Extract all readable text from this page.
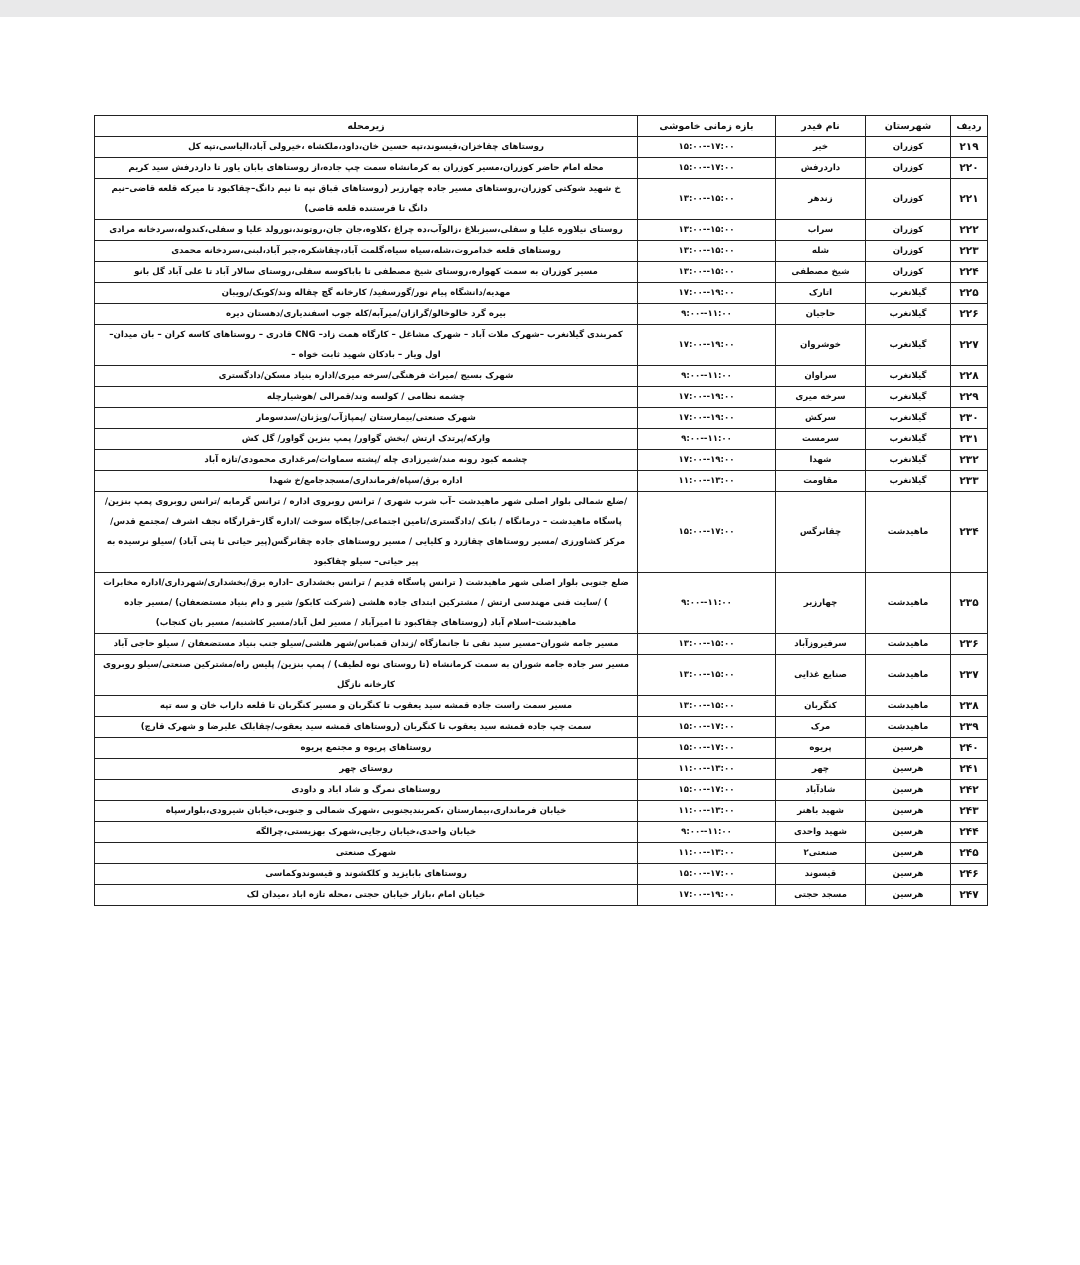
ردیف	شهرستان	نام فیدر	بازه زمانی خاموشی	زیرمحله
۲۱۹	کوزران	خیر	۱۷:۰۰--۱۵:۰۰	روستاهای چقاخزان،قیسوند،تپه حسین خان،داود،ملکشاه ،خیرولی آباد،الیاسی،تپه کل
۲۲۰	کوزران	داردرفش	۱۷:۰۰--۱۵:۰۰	محله امام حاضر کوزران،مسیر کوزران به کرمانشاه سمت چپ جاده،از روستاهای بابان یاور تا داردرفش سید کریم
۲۲۱	کوزران	زندهر	۱۵:۰۰--۱۳:۰۰	خ شهید شوکتی کوزران،روستاهای مسیر جاده چهارزبر (روستاهای قباق تپه تا نیم دانگ–چقاکبود تا میرکه قلعه قاضی–نیم دانگ تا فرستنده قلعه قاضی)
۲۲۲	کوزران	سراب	۱۵:۰۰--۱۳:۰۰	روستای نیلاوره علیا و سفلی،سبزبلاغ ،زالوآب،ده چراغ ،کلاوه،جان جان،روتوند،نورولد علیا و سفلی،کندوله،سردخانه مرادی
۲۲۳	کوزران	شله	۱۵:۰۰--۱۳:۰۰	روستاهای قلعه خدامروت،شله،سیاه سیاه،گلمت آباد،چقاشکره،جبر آباد،لبنی،سردخانه محمدی
۲۲۴	کوزران	شیخ مصطفی	۱۵:۰۰--۱۳:۰۰	مسیر کوزران به سمت کهواره،روستای شیخ مصطفی تا باباکوسه سفلی،روستای سالار آباد تا علی آباد گل بانو
۲۲۵	گیلانغرب	اتارک	۱۹:۰۰--۱۷:۰۰	مهدیه/دانشگاه پیام نور/گورسفید/ کارخانه گچ چقاله وند/کویک/رویبان
۲۲۶	گیلانغرب	حاجیان	۱۱:۰۰--۹:۰۰	بیره گرد خالوخالو/گرازان/میرآبه/کله جوب اسفندیاری/دهستان دیره
۲۲۷	گیلانغرب	خوشروان	۱۹:۰۰--۱۷:۰۰	کمربندی گیلانغرب –شهرک ملات آباد – شهرک مشاغل – کارگاه همت زاد– CNG قادری – روستاهای کاسه کران – بان میدان– اول ویار – بادکان شهید ثابت خواه –
۲۲۸	گیلانغرب	سراوان	۱۱:۰۰--۹:۰۰	شهرک بسیج /میراث فرهنگی/سرخه میری/اداره بنیاد مسکن/دادگستری
۲۲۹	گیلانغرب	سرخه میری	۱۹:۰۰--۱۷:۰۰	چشمه نظامی / کولسه وند/قمرالی /هوشیارچله
۲۳۰	گیلانغرب	سرکش	۱۹:۰۰--۱۷:۰۰	شهرک صنعتی/بیمارستان /پمپاژآب/ویژنان/سدسومار
۲۳۱	گیلانغرب	سرمست	۱۱:۰۰--۹:۰۰	وارکه/پرتدک ارتش /بخش گواور/ پمپ بنزین گواور/ گل کش
۲۳۲	گیلانغرب	شهدا	۱۹:۰۰--۱۷:۰۰	چشمه کبود رونه مند/شیرزادی چله /پشته سماوات/مرغداری محمودی/تازه آباد
۲۳۳	گیلانغرب	مقاومت	۱۳:۰۰--۱۱:۰۰	اداره برق/سپاه/فرمانداری/مسجدجامع/خ شهدا
۲۳۴	ماهیدشت	چقانرگس	۱۷:۰۰--۱۵:۰۰	/ضلع شمالی بلوار اصلی شهر ماهیدشت –آب شرب شهری / ترانس روبروی اداره / ترانس گرمابه /ترانس روبروی پمپ بنزین/پاسگاه ماهیدشت – درمانگاه / بانک /دادگستری/تامین اجتماعی/جایگاه سوخت /اداره گاز–قرارگاه نجف اشرف /مجتمع قدس/مرکز کشاورزی /مسیر روستاهای چقازرد و کلیایی / مسیر روستاهای جاده چقانرگس(پیر حیاتی تا پتی آباد) /سیلو نرسیده به پیر حیاتی– سیلو چقاکبود
۲۳۵	ماهیدشت	چهارزبر	۱۱:۰۰--۹:۰۰	ضلع جنوبی بلوار اصلی شهر ماهیدشت ( ترانس پاسگاه قدیم / ترانس بخشداری –اداره برق/بخشداری/شهرداری/اداره مخابرات ) /سایت فنی مهندسی ارتش / مشترکین ابتدای جاده هلشی (شرکت کابکو/ شیر و دام بنیاد مستضعفان) /مسیر جاده ماهیدشت–اسلام آباد (روستاهای چقاکبود تا امیرآباد / مسیر لعل آباد/مسیر کاشنبه/ مسیر بان کنجاب)
۲۳۶	ماهیدشت	سرفیروزآباد	۱۵:۰۰--۱۳:۰۰	مسیر جامه شوران–مسیر سید نقی تا جانمازگاه /زندان قمباس/شهر هلشی/سیلو جنب بنیاد مستضعفان / سیلو حاجی آباد
۲۳۷	ماهیدشت	صنایع غذایی	۱۵:۰۰--۱۳:۰۰	مسیر سر جاده جامه شوران به سمت کرمانشاه (تا روستای نوه لطیف) / پمپ بنزین/ پلیس راه/مشترکین صنعتی/سیلو روبروی کارخانه نازگل
۲۳۸	ماهیدشت	کنگربان	۱۵:۰۰--۱۳:۰۰	مسیر سمت راست جاده قمشه سید یعقوب تا کنگربان و مسیر کنگربان تا قلعه داراب خان و سه تپه
۲۳۹	ماهیدشت	مرک	۱۷:۰۰--۱۵:۰۰	سمت چپ جاده قمشه سید یعقوب تا کنگربان (روستاهای قمشه سید یعقوب/چقابلک علیرضا و شهرک قارچ)
۲۴۰	هرسین	پریوه	۱۷:۰۰--۱۵:۰۰	روستاهای پریوه و مجتمع پریوه
۲۴۱	هرسین	چهر	۱۳:۰۰--۱۱:۰۰	روستای چهر
۲۴۲	هرسین	شادآباد	۱۷:۰۰--۱۵:۰۰	روستاهای نمرگ و شاد اباد و داودی
۲۴۳	هرسین	شهید باهنر	۱۳:۰۰--۱۱:۰۰	خیابان فرمانداری،بیمارستان ،کمربندیجنوبی ،شهرک شمالی و جنوبی،خیابان شیرودی،بلوارسپاه
۲۴۴	هرسین	شهید واحدی	۱۱:۰۰--۹:۰۰	خیابان واحدی،خیابان رجایی،شهرک بهزیستی،چرالگه
۲۴۵	هرسین	صنعتی۲	۱۳:۰۰--۱۱:۰۰	شهرک صنعتی
۲۴۶	هرسین	قیسوند	۱۷:۰۰--۱۵:۰۰	روستاهای بابایزید و کلکشوند و قیسوندوکماسی
۲۴۷	هرسین	مسجد حجتی	۱۹:۰۰--۱۷:۰۰	خیابان امام ،بازار خیابان حجتی ،محله تازه اباد ،میدان لک
